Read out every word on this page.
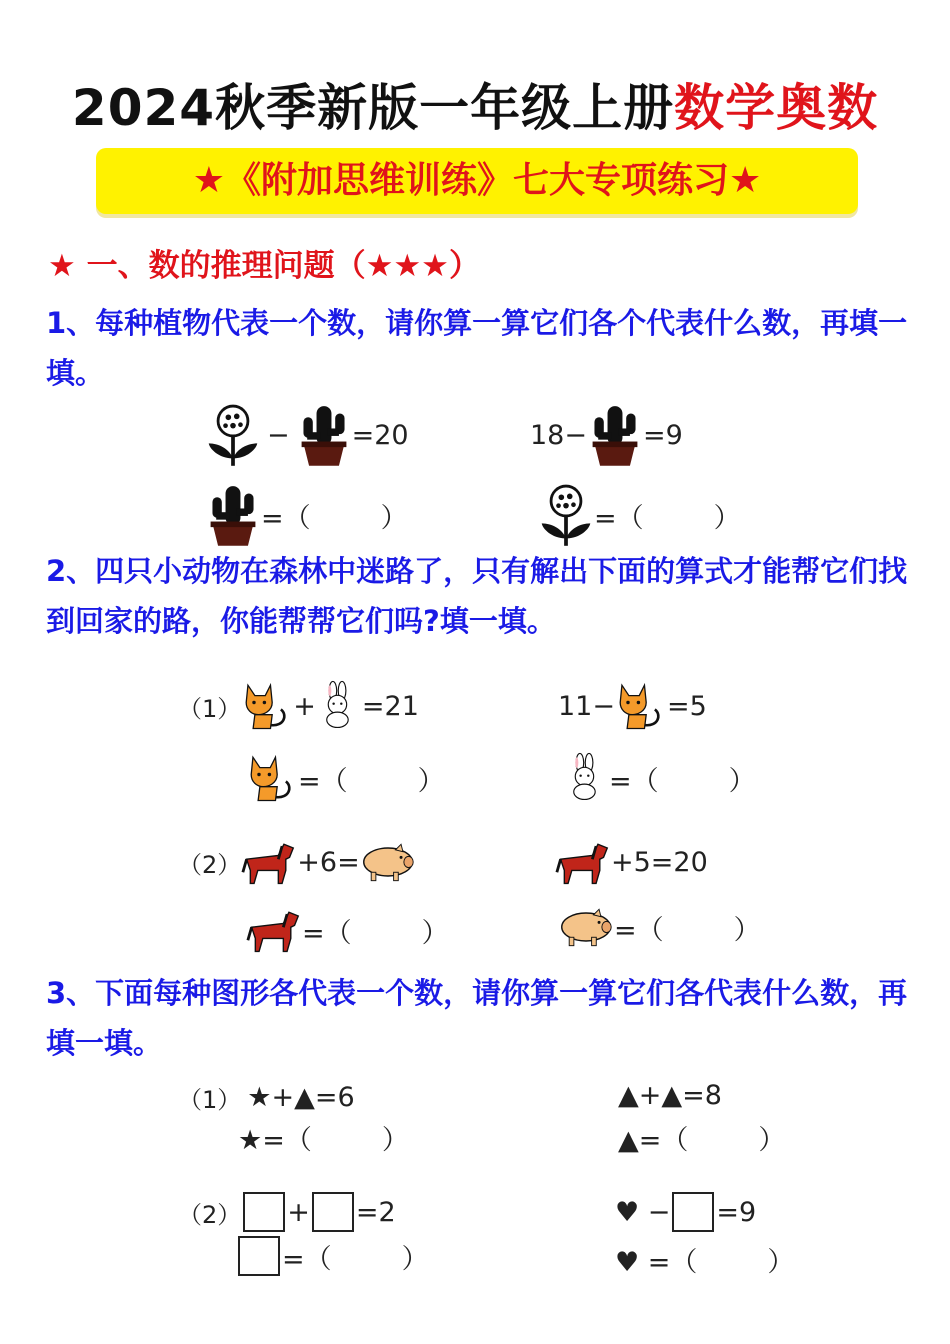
2024秋季新版一年级上册数学奥数
★《附加思维训练》七大专项练习★
★ 一、数的推理问题（★★★）
1、每种植物代表一个数，请你算一算它们各个代表什么数，再填一填。
− =20	18− =9
=（	）	=（	）
2、四只小动物在森林中迷路了，只有解出下面的算式才能帮它们找到回家的路，你能帮帮它们吗?填一填。
（1） + =21	11− =5
=（	）	=（	）
（2） +6=	+5=20
=（	）	=（	）
3、下面每种图形各代表一个数，请你算一算它们各代表什么数，再填一填。
（1） ★+▲=6	▲+▲=8
★=（	）	▲=（	）
（2） + =2	♥ − =9
=（	）	♥ =（	）
